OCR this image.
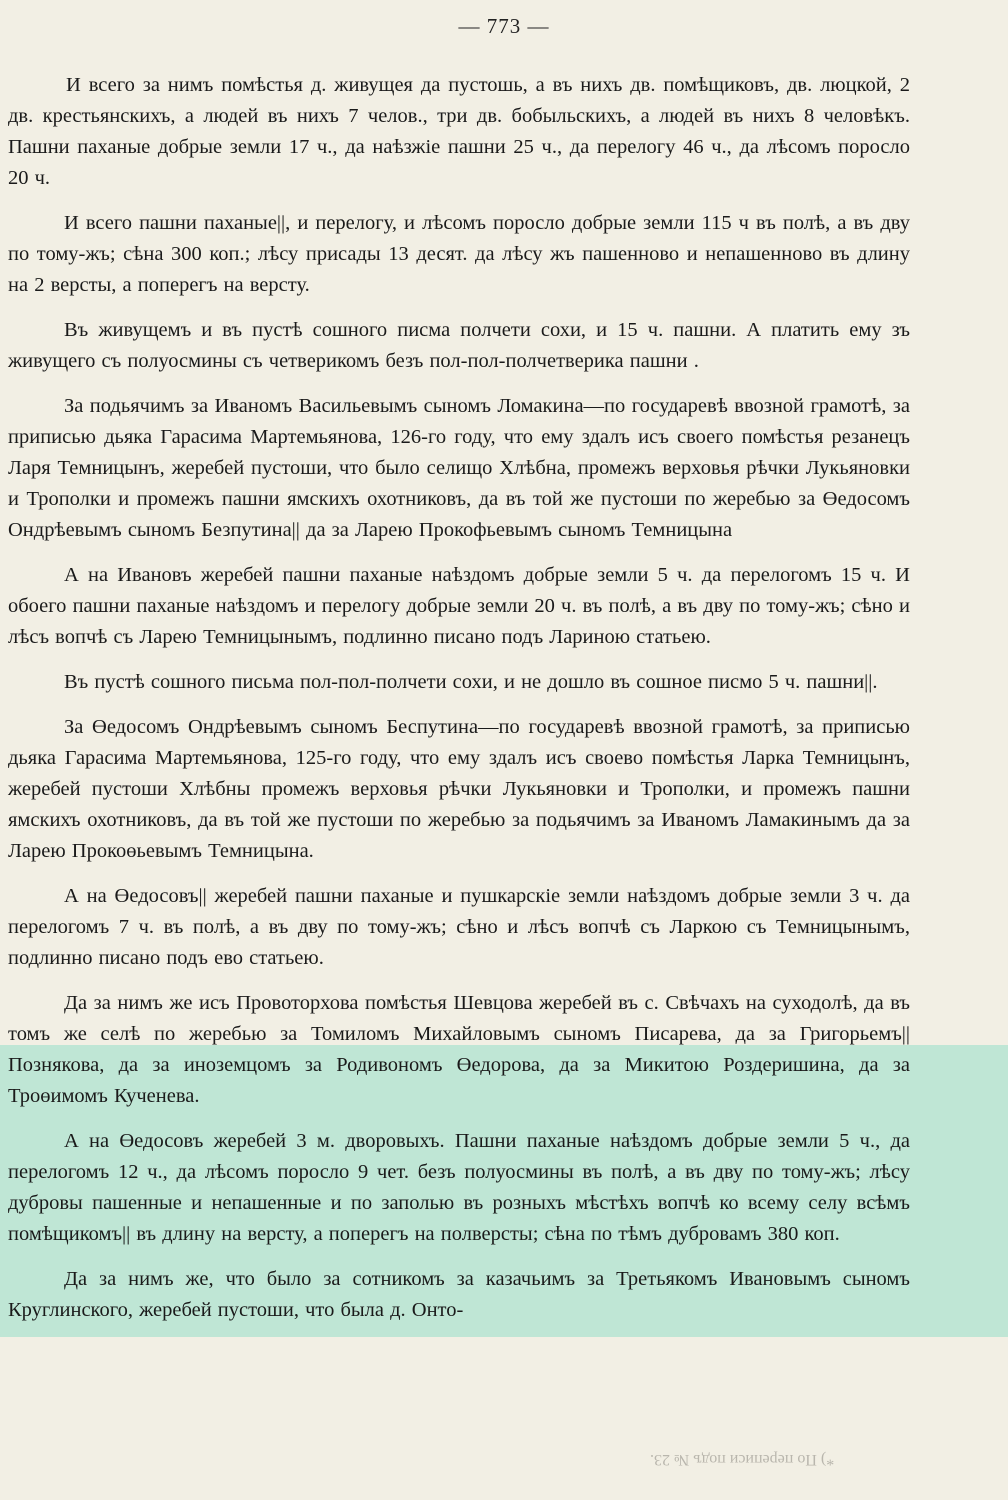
— 773 —

И всего за нимъ помѣстья д. живущея да пустошь, а въ нихъ дв. помѣщиковъ, дв. люцкой, 2 дв. крестьянскихъ, а людей въ нихъ 7 челов., три дв. бобыльскихъ, а людей въ нихъ 8 человѣкъ. Пашни паханые добрые земли 17 ч., да наѣзжіе пашни 25 ч., да перелогу 46 ч., да лѣсомъ поросло 20 ч.

И всего пашни паханые||, и перелогу, и лѣсомъ поросло добрые земли 115 ч въ полѣ, а въ дву по тому-жъ; сѣна 300 коп.; лѣсу присады 13 десят. да лѣсу жъ пашенново и непашенново въ длину на 2 версты, а поперегъ на версту.

Въ живущемъ и въ пустѣ сошного писма полчети сохи, и 15 ч. пашни. А платить ему зъ живущего съ полуосмины съ четверикомъ безъ пол-пол-полчетверика пашни .

За подьячимъ за Иваномъ Васильевымъ сыномъ Ломакина—по государевѣ ввозной грамотѣ, за приписью дьяка Гарасима Мартемьянова, 126-го году, что ему здалъ исъ своего помѣстья резанецъ Ларя Темницынъ, жеребей пустоши, что было селищо Хлѣбна, промежъ верховья рѣчки Лукьяновки и Трополки и промежъ пашни ямскихъ охотниковъ, да въ той же пустоши по жеребью за Өедосомъ Ондрѣевымъ сыномъ Безпутина|| да за Ларею Прокофьевымъ сыномъ Темницына

А на Ивановъ жеребей пашни паханые наѣздомъ добрые земли 5 ч. да перелогомъ 15 ч. И обоего пашни паханые наѣздомъ и перелогу добрые земли 20 ч. въ полѣ, а въ дву по тому-жъ; сѣно и лѣсъ вопчѣ съ Ларею Темницынымъ, подлинно писано подъ Лариною статьею.

Въ пустѣ сошного письма пол-пол-полчети сохи, и не дошло въ сошное писмо 5 ч. пашни||.

За Өедосомъ Ондрѣевымъ сыномъ Беспутина—по государевѣ ввозной грамотѣ, за приписью дьяка Гарасима Мартемьянова, 125-го году, что ему здалъ исъ своево помѣстья Ларка Темницынъ, жеребей пустоши Хлѣбны промежъ верховья рѣчки Лукьяновки и Трополки, и промежъ пашни ямскихъ охотниковъ, да въ той же пустоши по жеребью за подьячимъ за Иваномъ Ламакинымъ да за Ларею Прокоөьевымъ Темницына.

А на Өедосовъ|| жеребей пашни паханые и пушкарскіе земли наѣздомъ добрые земли 3 ч. да перелогомъ 7 ч. въ полѣ, а въ дву по тому-жъ; сѣно и лѣсъ вопчѣ съ Ларкою съ Темницынымъ, подлинно писано подъ ево статьею.

Да за нимъ же исъ Провоторхова помѣстья Шевцова жеребей въ с. Свѣчахъ на суходолѣ, да въ томъ же селѣ по жеребью за Томиломъ Михайловымъ сыномъ Писарева, да за Григорьемъ|| Познякова, да за иноземцомъ за Родивономъ Өедорова, да за Микитою Роздеришина, да за Троөимомъ Кученева.

А на Өедосовъ жеребей 3 м. дворовыхъ. Пашни паханые наѣздомъ добрые земли 5 ч., да перелогомъ 12 ч., да лѣсомъ поросло 9 чет. безъ полуосмины въ полѣ, а въ дву по тому-жъ; лѣсу дубровы пашенные и непашенные и по заполью въ розныхъ мѣстѣхъ вопчѣ ко всему селу всѣмъ помѣщикомъ|| въ длину на версту, а поперегъ на полверсты; сѣна по тѣмъ дубровамъ 380 коп.

Да за нимъ же, что было за сотникомъ за казачьимъ за Третьякомъ Ивановымъ сыномъ Круглинского, жеребей пустоши, что была д. Онто-

*) По переписи подъ № 23.
